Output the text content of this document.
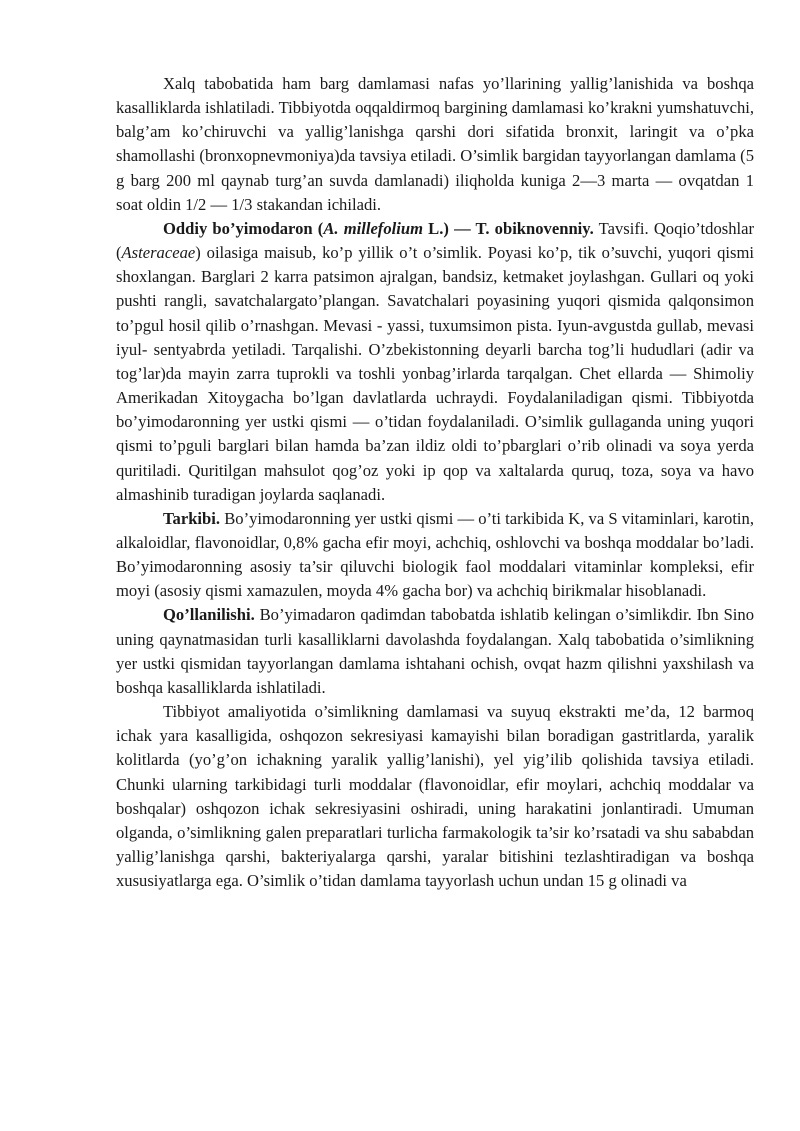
Xalq tabobatida ham barg damlamasi nafas yo’llarining yallig’lanishida va boshqa kasalliklarda ishlatiladi. Tibbiyotda oqqaldirmoq bargining damlamasi ko’krakni yumshatuvchi, balg’am ko’chiruvchi va yallig’lanishga qarshi dori sifatida bronxit, laringit va o’pka shamollashi (bronxopnevmoniya)da tavsiya etiladi. O’simlik bargidan tayyorlangan damlama (5 g barg 200 ml qaynab turg’an suvda damlanadi) iliqholda kuniga 2—3 marta — ovqatdan 1 soat oldin 1/2 — 1/3 stakandan ichiladi.

Oddiy bo’yimodaron (A. millefolium L.) — T. obiknovenniy. Tavsifi. Qoqio’tdoshlar (Asteraceae) oilasiga maisub, ko’p yillik o’t o’simlik. Poyasi ko’p, tik o’suvchi, yuqori qismi shoxlangan. Barglari 2 karra patsimon ajralgan, bandsiz, ketmaket joylashgan. Gullari oq yoki pushti rangli, savatchalargato’plangan. Savatchalari poyasining yuqori qismida qalqonsimon to’pgul hosil qilib o’rnashgan. Mevasi - yassi, tuxumsimon pista. Iyun-avgustda gullab, mevasi iyul- sentyabrda yetiladi. Tarqalishi. O’zbekistonning deyarli barcha tog’li hududlari (adir va tog’lar)da mayin zarra tuprokli va toshli yonbag’irlarda tarqalgan. Chet ellarda — Shimoliy Amerikadan Xitoygacha bo’lgan davlatlarda uchraydi. Foydalaniladigan qismi. Tibbiyotda bo’yimodaronning yer ustki qismi — o’tidan foydalaniladi. O’simlik gullaganda uning yuqori qismi to’pguli barglari bilan hamda ba’zan ildiz oldi to’pbarglari o’rib olinadi va soya yerda quritiladi. Quritilgan mahsulot qog’oz yoki ip qop va xaltalarda quruq, toza, soya va havo almashinib turadigan joylarda saqlanadi.

Tarkibi. Bo’yimodaronning yer ustki qismi — o’ti tarkibida K, va S vitaminlari, karotin, alkaloidlar, flavonoidlar, 0,8% gacha efir moyi, achchiq, oshlovchi va boshqa moddalar bo’ladi. Bo’yimodaronning asosiy ta’sir qiluvchi biologik faol moddalari vitaminlar kompleksi, efir moyi (asosiy qismi xamazulen, moyda 4% gacha bor) va achchiq birikmalar hisoblanadi.

Qo’llanilishi. Bo’yimadaron qadimdan tabobatda ishlatib kelingan o’simlikdir. Ibn Sino uning qaynatmasidan turli kasalliklarni davolashda foydalangan. Xalq tabobatida o’simlikning yer ustki qismidan tayyorlangan damlama ishtahani ochish, ovqat hazm qilishni yaxshilash va boshqa kasalliklarda ishlatiladi.

Tibbiyot amaliyotida o’simlikning damlamasi va suyuq ekstrakti me’da, 12 barmoq ichak yara kasalligida, oshqozon sekresiyasi kamayishi bilan boradigan gastritlarda, yaralik kolitlarda (yo’g’on ichakning yaralik yallig’lanishi), yel yig’ilib qolishida tavsiya etiladi. Chunki ularning tarkibidagi turli moddalar (flavonoidlar, efir moylari, achchiq moddalar va boshqalar) oshqozon ichak sekresiyasini oshiradi, uning harakatini jonlantiradi. Umuman olganda, o’simlikning galen preparatlari turlicha farmakologik ta’sir ko’rsatadi va shu sababdan yallig’lanishga qarshi, bakteriyalarga qarshi, yaralar bitishini tezlashtiradigan va boshqa xususiyatlarga ega. O’simlik o’tidan damlama tayyorlash uchun undan 15 g olinadi va
